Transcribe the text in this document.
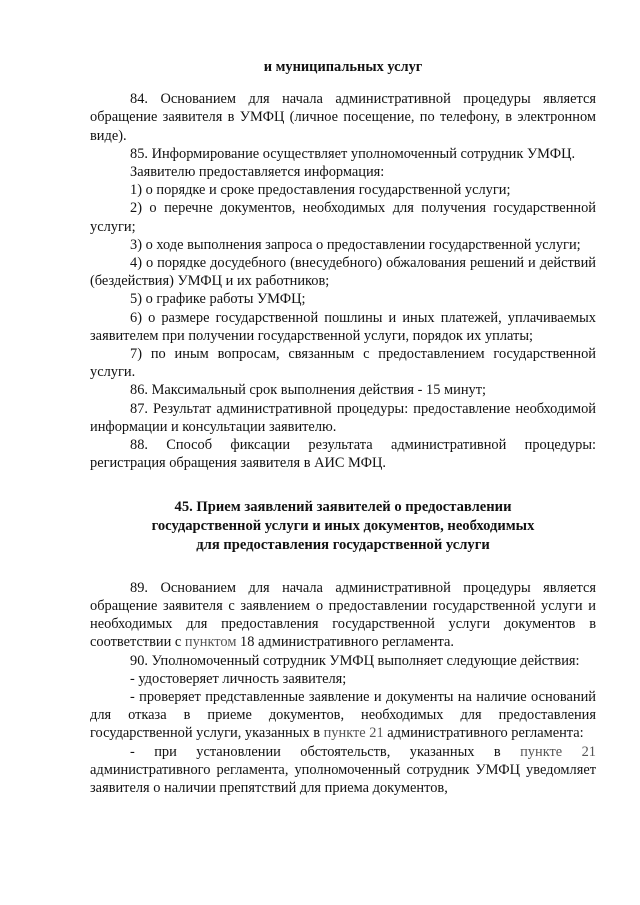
и муниципальных услуг

84. Основанием для начала административной процедуры является обращение заявителя в УМФЦ (личное посещение, по телефону, в электронном виде).

85. Информирование осуществляет уполномоченный сотрудник УМФЦ.

Заявителю предоставляется информация:

1) о порядке и сроке предоставления государственной услуги;

2) о перечне документов, необходимых для получения государственной услуги;

3) о ходе выполнения запроса о предоставлении государственной услуги;

4) о порядке досудебного (внесудебного) обжалования решений и действий (бездействия) УМФЦ и их работников;

5) о графике работы УМФЦ;

6) о размере государственной пошлины и иных платежей, уплачиваемых заявителем при получении государственной услуги, порядок их уплаты;

7) по иным вопросам, связанным с предоставлением государственной услуги.

86. Максимальный срок выполнения действия - 15 минут;

87. Результат административной процедуры: предоставление необходимой информации и консультации заявителю.

88. Способ фиксации результата административной процедуры: регистрация обращения заявителя в АИС МФЦ.

45. Прием заявлений заявителей о предоставлении
государственной услуги и иных документов, необходимых
для предоставления государственной услуги

89. Основанием для начала административной процедуры является обращение заявителя с заявлением о предоставлении государственной услуги и необходимых для предоставления государственной услуги документов в соответствии с пунктом 18 административного регламента.

90. Уполномоченный сотрудник УМФЦ выполняет следующие действия:

- удостоверяет личность заявителя;

- проверяет представленные заявление и документы на наличие оснований для отказа в приеме документов, необходимых для предоставления государственной услуги, указанных в пункте 21 административного регламента:

- при установлении обстоятельств, указанных в пункте 21 административного регламента, уполномоченный сотрудник УМФЦ уведомляет заявителя о наличии препятствий для приема документов,
